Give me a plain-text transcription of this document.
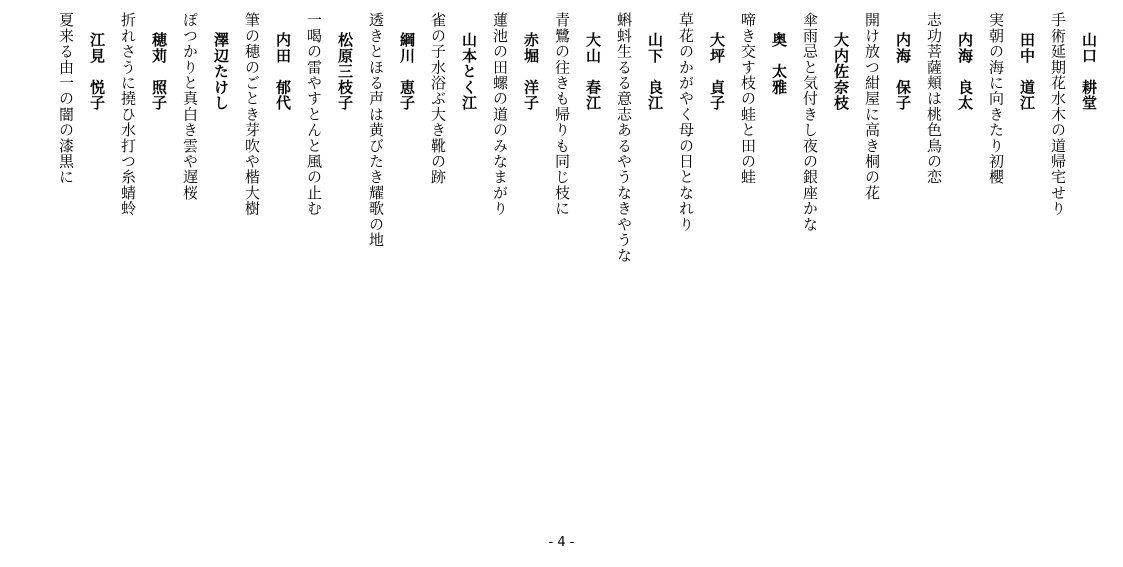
山口　耕堂
手術延期花水木の道帰宅せり
田中　道江
実朝の海に向きたり初櫻
内海　良太
志功菩薩頬は桃色鳥の恋
内海　保子
開け放つ紺屋に高き桐の花
大内佐奈枝
傘雨忌と気付きし夜の銀座かな
奥　太雅
啼き交す枝の蛙と田の蛙
大坪　貞子
草花のかがやく母の日となれり
山下　良江
蝌蚪生るる意志あるやうなきやうな
大山　春江
青鷺の往きも帰りも同じ枝に
赤堀　洋子
蓮池の田螺の道のみなまがり
山本とく江
雀の子水浴ぶ大き靴の跡
綱川　恵子
透きとほる声は黄びたき耀歌の地
松原三枝子
一喝の雷やすとんと風の止む
内田　郁代
筆の穂のごとき芽吹や楷大樹
澤辺たけし
ぽつかりと真白き雲や遅桜
穂苅　照子
折れさうに撓ひ水打つ糸蜻蛉
江見　悦子
夏来る由一の闇の漆黒に
- 4 -
